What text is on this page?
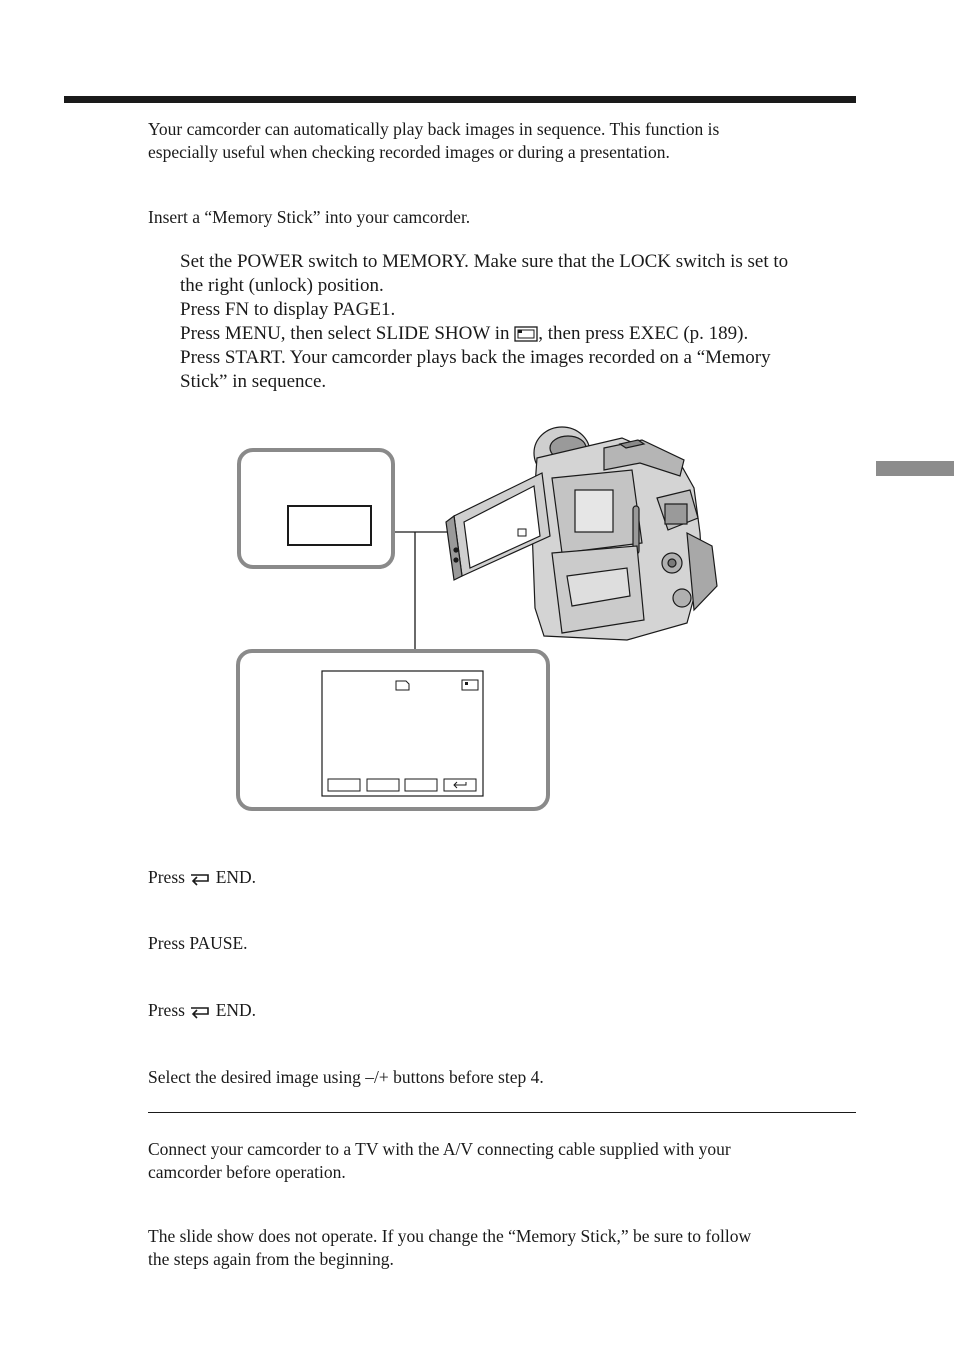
Your camcorder can automatically play back images in sequence. This function is
especially useful when checking recorded images or during a presentation.
Insert a “Memory Stick” into your camcorder.
Set the POWER switch to MEMORY. Make sure that the LOCK switch is set to
the right (unlock) position.
Press FN to display PAGE1.
Press MENU, then select SLIDE SHOW in , then press EXEC (p. 189).
Press START. Your camcorder plays back the images recorded on a “Memory
Stick” in sequence.
Press END.
Press PAUSE.
Press END.
Select the desired image using –/+ buttons before step 4.
Connect your camcorder to a TV with the A/V connecting cable supplied with your
camcorder before operation.
The slide show does not operate. If you change the “Memory Stick,” be sure to follow
the steps again from the beginning.
